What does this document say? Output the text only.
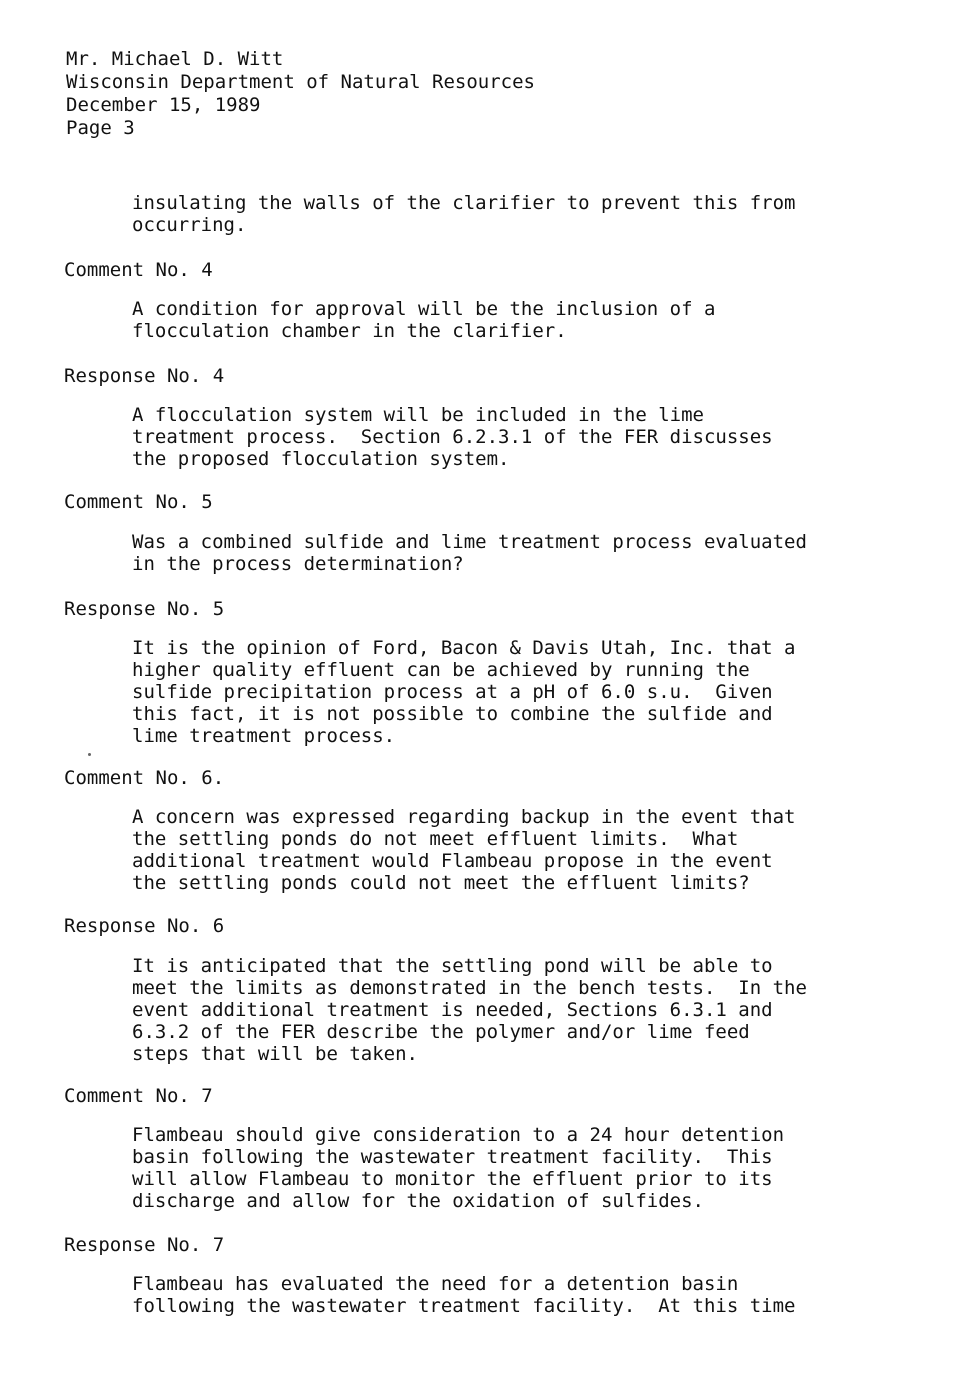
Mr. Michael D. Witt
Wisconsin Department of Natural Resources
December 15, 1989
Page 3
insulating the walls of the clarifier to prevent this from
occurring.
Comment No. 4
A condition for approval will be the inclusion of a
flocculation chamber in the clarifier.
Response No. 4
A flocculation system will be included in the lime
treatment process.  Section 6.2.3.1 of the FER discusses
the proposed flocculation system.
Comment No. 5
Was a combined sulfide and lime treatment process evaluated
in the process determination?
Response No. 5
It is the opinion of Ford, Bacon & Davis Utah, Inc. that a
higher quality effluent can be achieved by running the
sulfide precipitation process at a pH of 6.0 s.u.  Given
this fact, it is not possible to combine the sulfide and
lime treatment process.
Comment No. 6.
A concern was expressed regarding backup in the event that
the settling ponds do not meet effluent limits.  What
additional treatment would Flambeau propose in the event
the settling ponds could not meet the effluent limits?
Response No. 6
It is anticipated that the settling pond will be able to
meet the limits as demonstrated in the bench tests.  In the
event additional treatment is needed, Sections 6.3.1 and
6.3.2 of the FER describe the polymer and/or lime feed
steps that will be taken.
Comment No. 7
Flambeau should give consideration to a 24 hour detention
basin following the wastewater treatment facility.  This
will allow Flambeau to monitor the effluent prior to its
discharge and allow for the oxidation of sulfides.
Response No. 7
Flambeau has evaluated the need for a detention basin
following the wastewater treatment facility.  At this time
